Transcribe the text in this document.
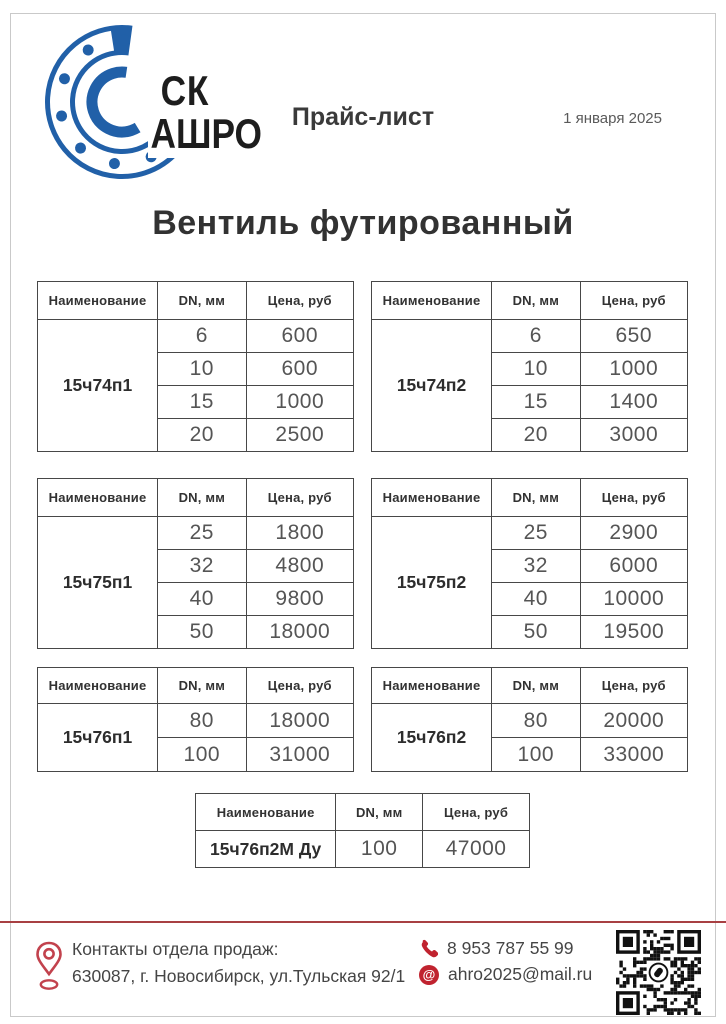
СК
АШРО	Прайс-лист	1 января 2025
Вентиль футированный
Наименование	DN, мм	Цена, руб
15ч74п1	6	600
	10	600
	15	1000
	20	2500
Наименование	DN, мм	Цена, руб
15ч74п2	6	650
	10	1000
	15	1400
	20	3000
Наименование	DN, мм	Цена, руб
15ч75п1	25	1800
	32	4800
	40	9800
	50	18000
Наименование	DN, мм	Цена, руб
15ч75п2	25	2900
	32	6000
	40	10000
	50	19500
Наименование	DN, мм	Цена, руб
15ч76п1	80	18000
	100	31000
Наименование	DN, мм	Цена, руб
15ч76п2	80	20000
	100	33000
Наименование	DN, мм	Цена, руб
15ч76п2М Ду	100	47000
Контакты отдела продаж:
630087, г. Новосибирск, ул.Тульская 92/1
8 953 787 55 99
@ ahro2025@mail.ru
